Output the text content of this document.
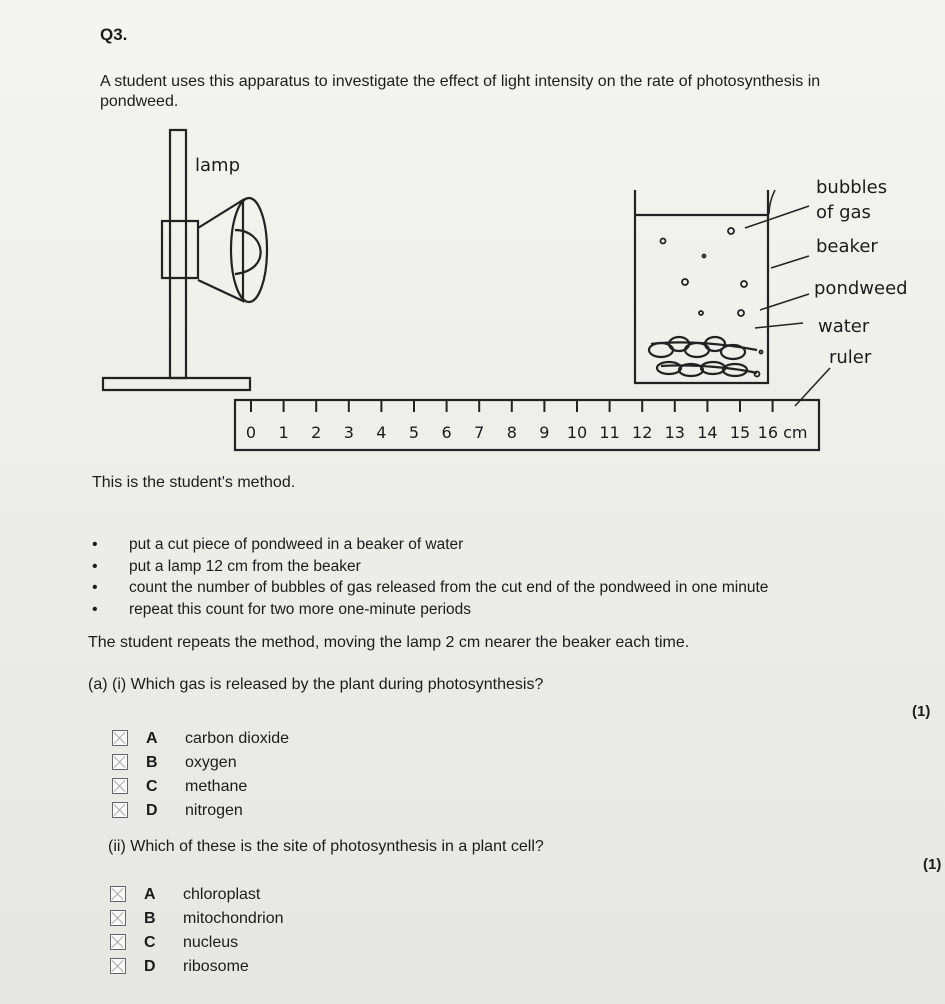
Q3.
A student uses this apparatus to investigate the effect of light intensity on the rate of photosynthesis in pondweed.
0 1 2 3 4 5 6 7 8 9 10 11 12 13 14 15 16 cm
lamp
bubbles
of gas
beaker
pondweed
water
ruler
This is the student's method.
• put a cut piece of pondweed in a beaker of water
• put a lamp 12 cm from the beaker
• count the number of bubbles of gas released from the cut end of the pondweed in one minute
• repeat this count for two more one-minute periods
The student repeats the method, moving the lamp 2 cm nearer the beaker each time.
(a) (i) Which gas is released by the plant during photosynthesis?
(1)
A carbon dioxide
B oxygen
C methane
D nitrogen
(ii) Which of these is the site of photosynthesis in a plant cell?
(1)
A chloroplast
B mitochondrion
C nucleus
D ribosome
